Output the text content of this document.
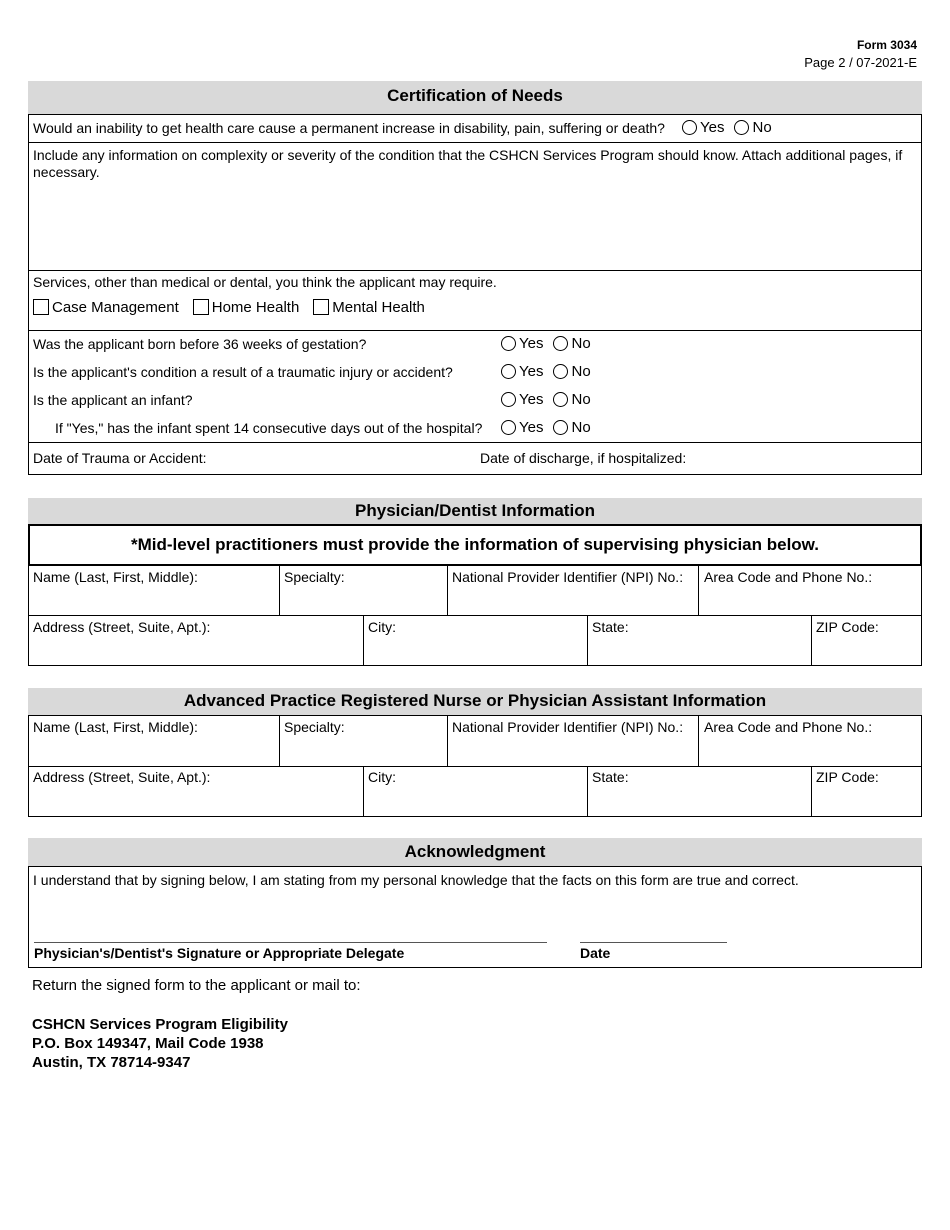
Form 3034
Page 2 / 07-2021-E
Certification of Needs
Would an inability to get health care cause a permanent increase in disability, pain, suffering or death?	Yes No
Include any information on complexity or severity of the condition that the CSHCN Services Program should know. Attach additional pages, if necessary.
Services, other than medical or dental, you think the applicant may require.
Case Management Home Health Mental Health
Was the applicant born before 36 weeks of gestation?	Yes No
Is the applicant's condition a result of a traumatic injury or accident?	Yes No
Is the applicant an infant?	Yes No
If "Yes," has the infant spent 14 consecutive days out of the hospital?	Yes No
Date of Trauma or Accident:	Date of discharge, if hospitalized:
Physician/Dentist Information
*Mid-level practitioners must provide the information of supervising physician below.
Name (Last, First, Middle):	Specialty:	National Provider Identifier (NPI) No.: Area Code and Phone No.:
Address (Street, Suite, Apt.):	City:	State:	ZIP Code:
Advanced Practice Registered Nurse or Physician Assistant Information
Name (Last, First, Middle):	Specialty:	National Provider Identifier (NPI) No.: Area Code and Phone No.:
Address (Street, Suite, Apt.):	City:	State:	ZIP Code:
Acknowledgment
I understand that by signing below, I am stating from my personal knowledge that the facts on this form are true and correct.
Physician's/Dentist's Signature or Appropriate Delegate	Date
Return the signed form to the applicant or mail to:
CSHCN Services Program Eligibility
P.O. Box 149347, Mail Code 1938
Austin, TX 78714-9347
